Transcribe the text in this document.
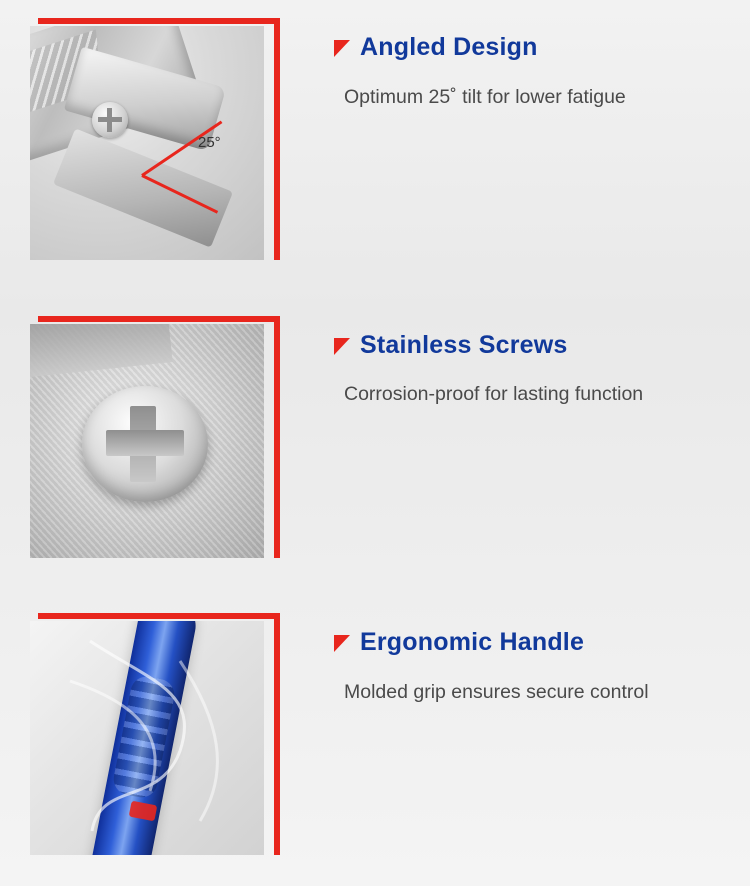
25°
Angled Design
Optimum 25˚ tilt for lower fatigue
Stainless Screws
Corrosion-proof for lasting function
Ergonomic Handle
Molded grip ensures secure control
